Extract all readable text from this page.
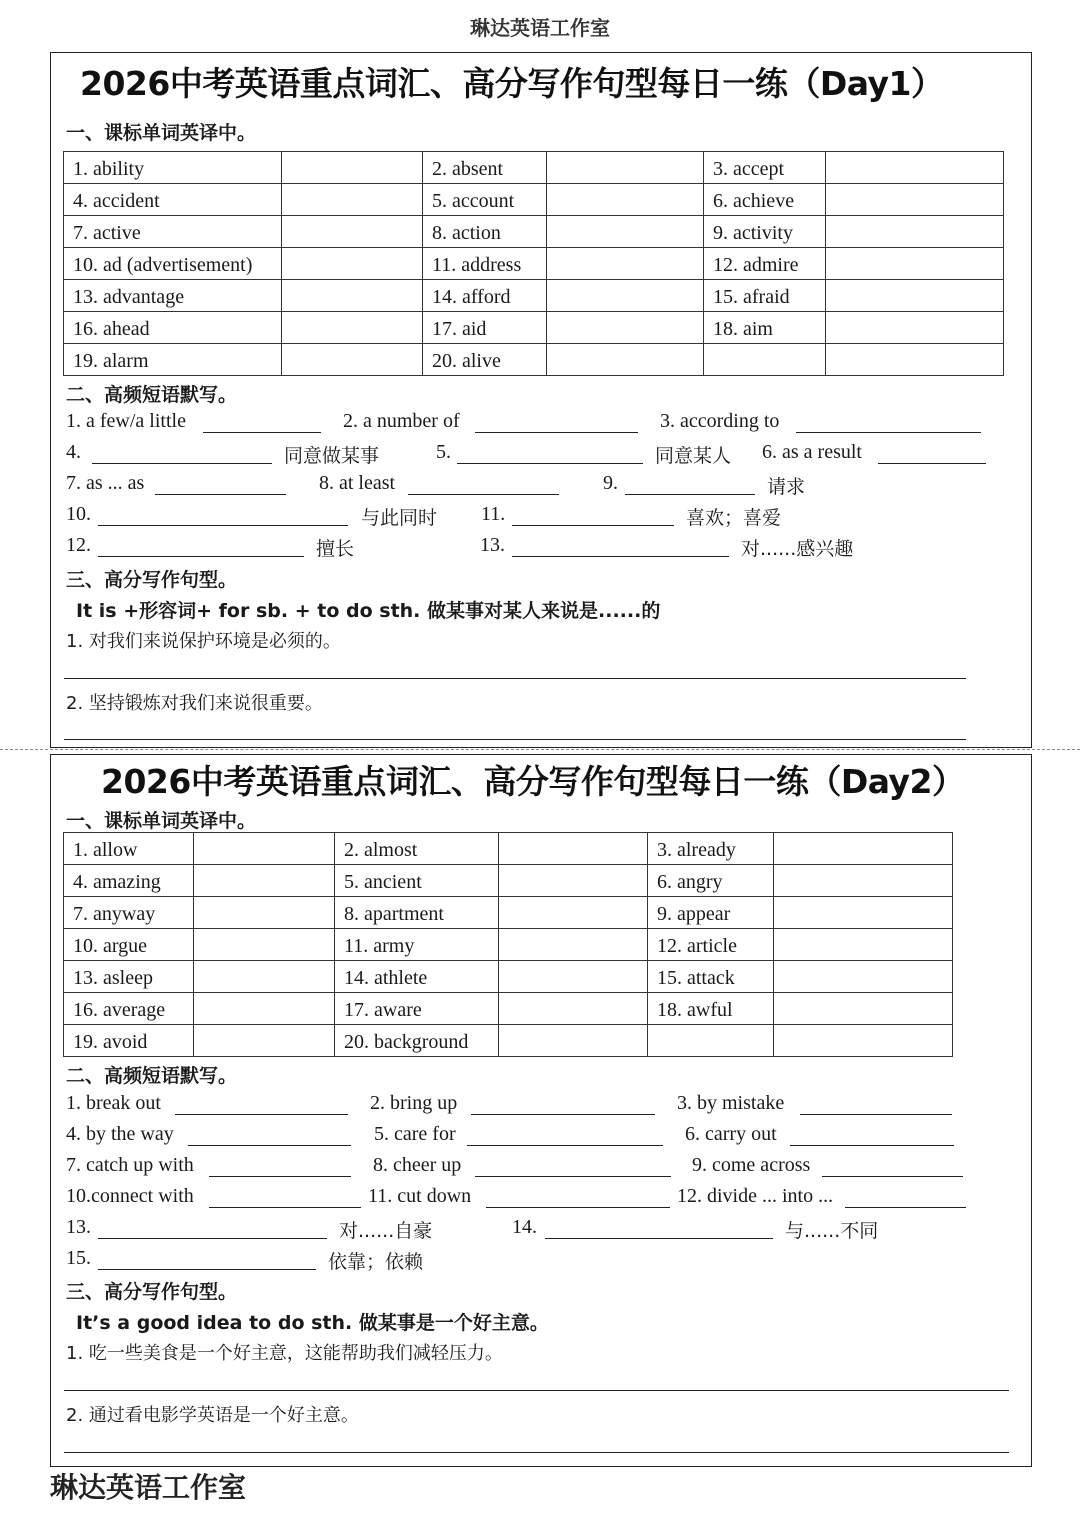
琳达英语工作室
2026中考英语重点词汇、高分写作句型每日一练（Day1）
一、课标单词英译中。
1. ability		2. absent		3. accept	
4. accident		5. account		6. achieve	
7. active		8. action		9. activity	
10. ad (advertisement)		11. address		12. admire	
13. advantage		14. afford		15. afraid	
16. ahead		17. aid		18. aim	
19. alarm		20. alive			
二、高频短语默写。
1. a few/a little	2. a number of	3. according to
4.	同意做某事	5.	同意某人 6. as a result
7. as ... as	8. at least	9.	请求
10.	与此同时 11.	喜欢；喜爱
12.	擅长	13.	对......感兴趣
三、高分写作句型。
It is +形容词+ for sb. + to do sth. 做某事对某人来说是......的
1. 对我们来说保护环境是必须的。
2. 坚持锻炼对我们来说很重要。
2026中考英语重点词汇、高分写作句型每日一练（Day2）
一、课标单词英译中。
1. allow		2. almost		3. already	
4. amazing		5. ancient		6. angry	
7. anyway		8. apartment		9. appear	
10. argue		11. army		12. article	
13. asleep		14. athlete		15. attack	
16. average		17. aware		18. awful	
19. avoid		20. background			
二、高频短语默写。
1. break out	2. bring up	3. by mistake
4. by the way	5. care for	6. carry out
7. catch up with	8. cheer up	9. come across
10.connect with	11. cut down	12. divide ... into ...
13.	对......自豪	14.	与......不同
15.	依靠；依赖
三、高分写作句型。
It’s a good idea to do sth. 做某事是一个好主意。
1. 吃一些美食是一个好主意，这能帮助我们减轻压力。
2. 通过看电影学英语是一个好主意。
琳达英语工作室
